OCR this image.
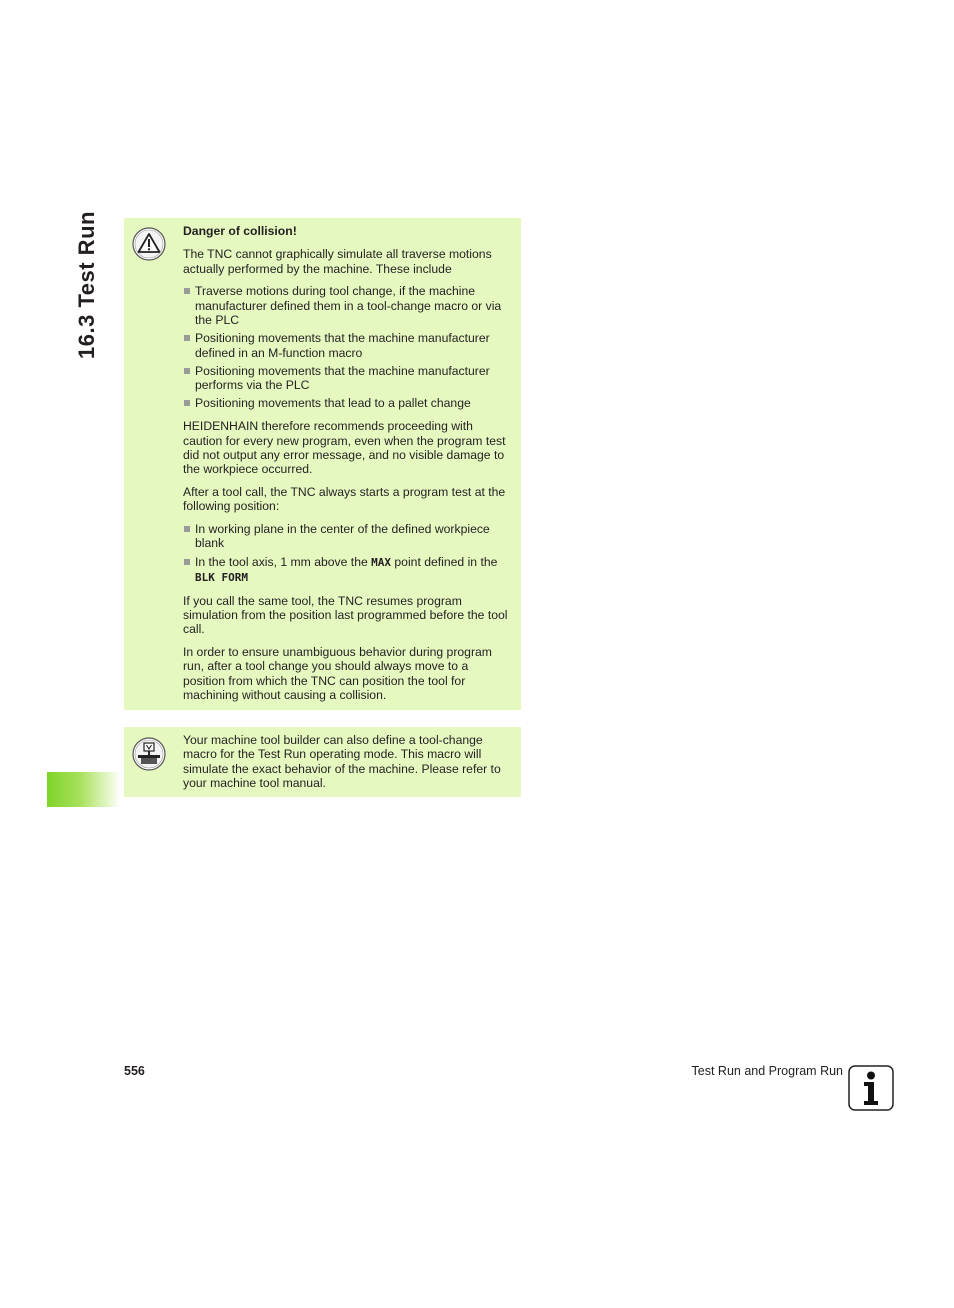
16.3 Test Run	Danger of collision!

The TNC cannot graphically simulate all traverse motions actually performed by the machine. These include

Traverse motions during tool change, if the machine manufacturer defined them in a tool-change macro or via the PLC
Positioning movements that the machine manufacturer defined in an M-function macro
Positioning movements that the machine manufacturer performs via the PLC
Positioning movements that lead to a pallet change

HEIDENHAIN therefore recommends proceeding with caution for every new program, even when the program test did not output any error message, and no visible damage to the workpiece occurred.

After a tool call, the TNC always starts a program test at the following position:

In working plane in the center of the defined workpiece blank
In the tool axis, 1 mm above the MAX point defined in the BLK FORM

If you call the same tool, the TNC resumes program simulation from the position last programmed before the tool call.

In order to ensure unambiguous behavior during program run, after a tool change you should always move to a position from which the TNC can position the tool for machining without causing a collision.

Your machine tool builder can also define a tool-change macro for the Test Run operating mode. This macro will simulate the exact behavior of the machine. Please refer to your machine tool manual.

556	Test Run and Program Run
